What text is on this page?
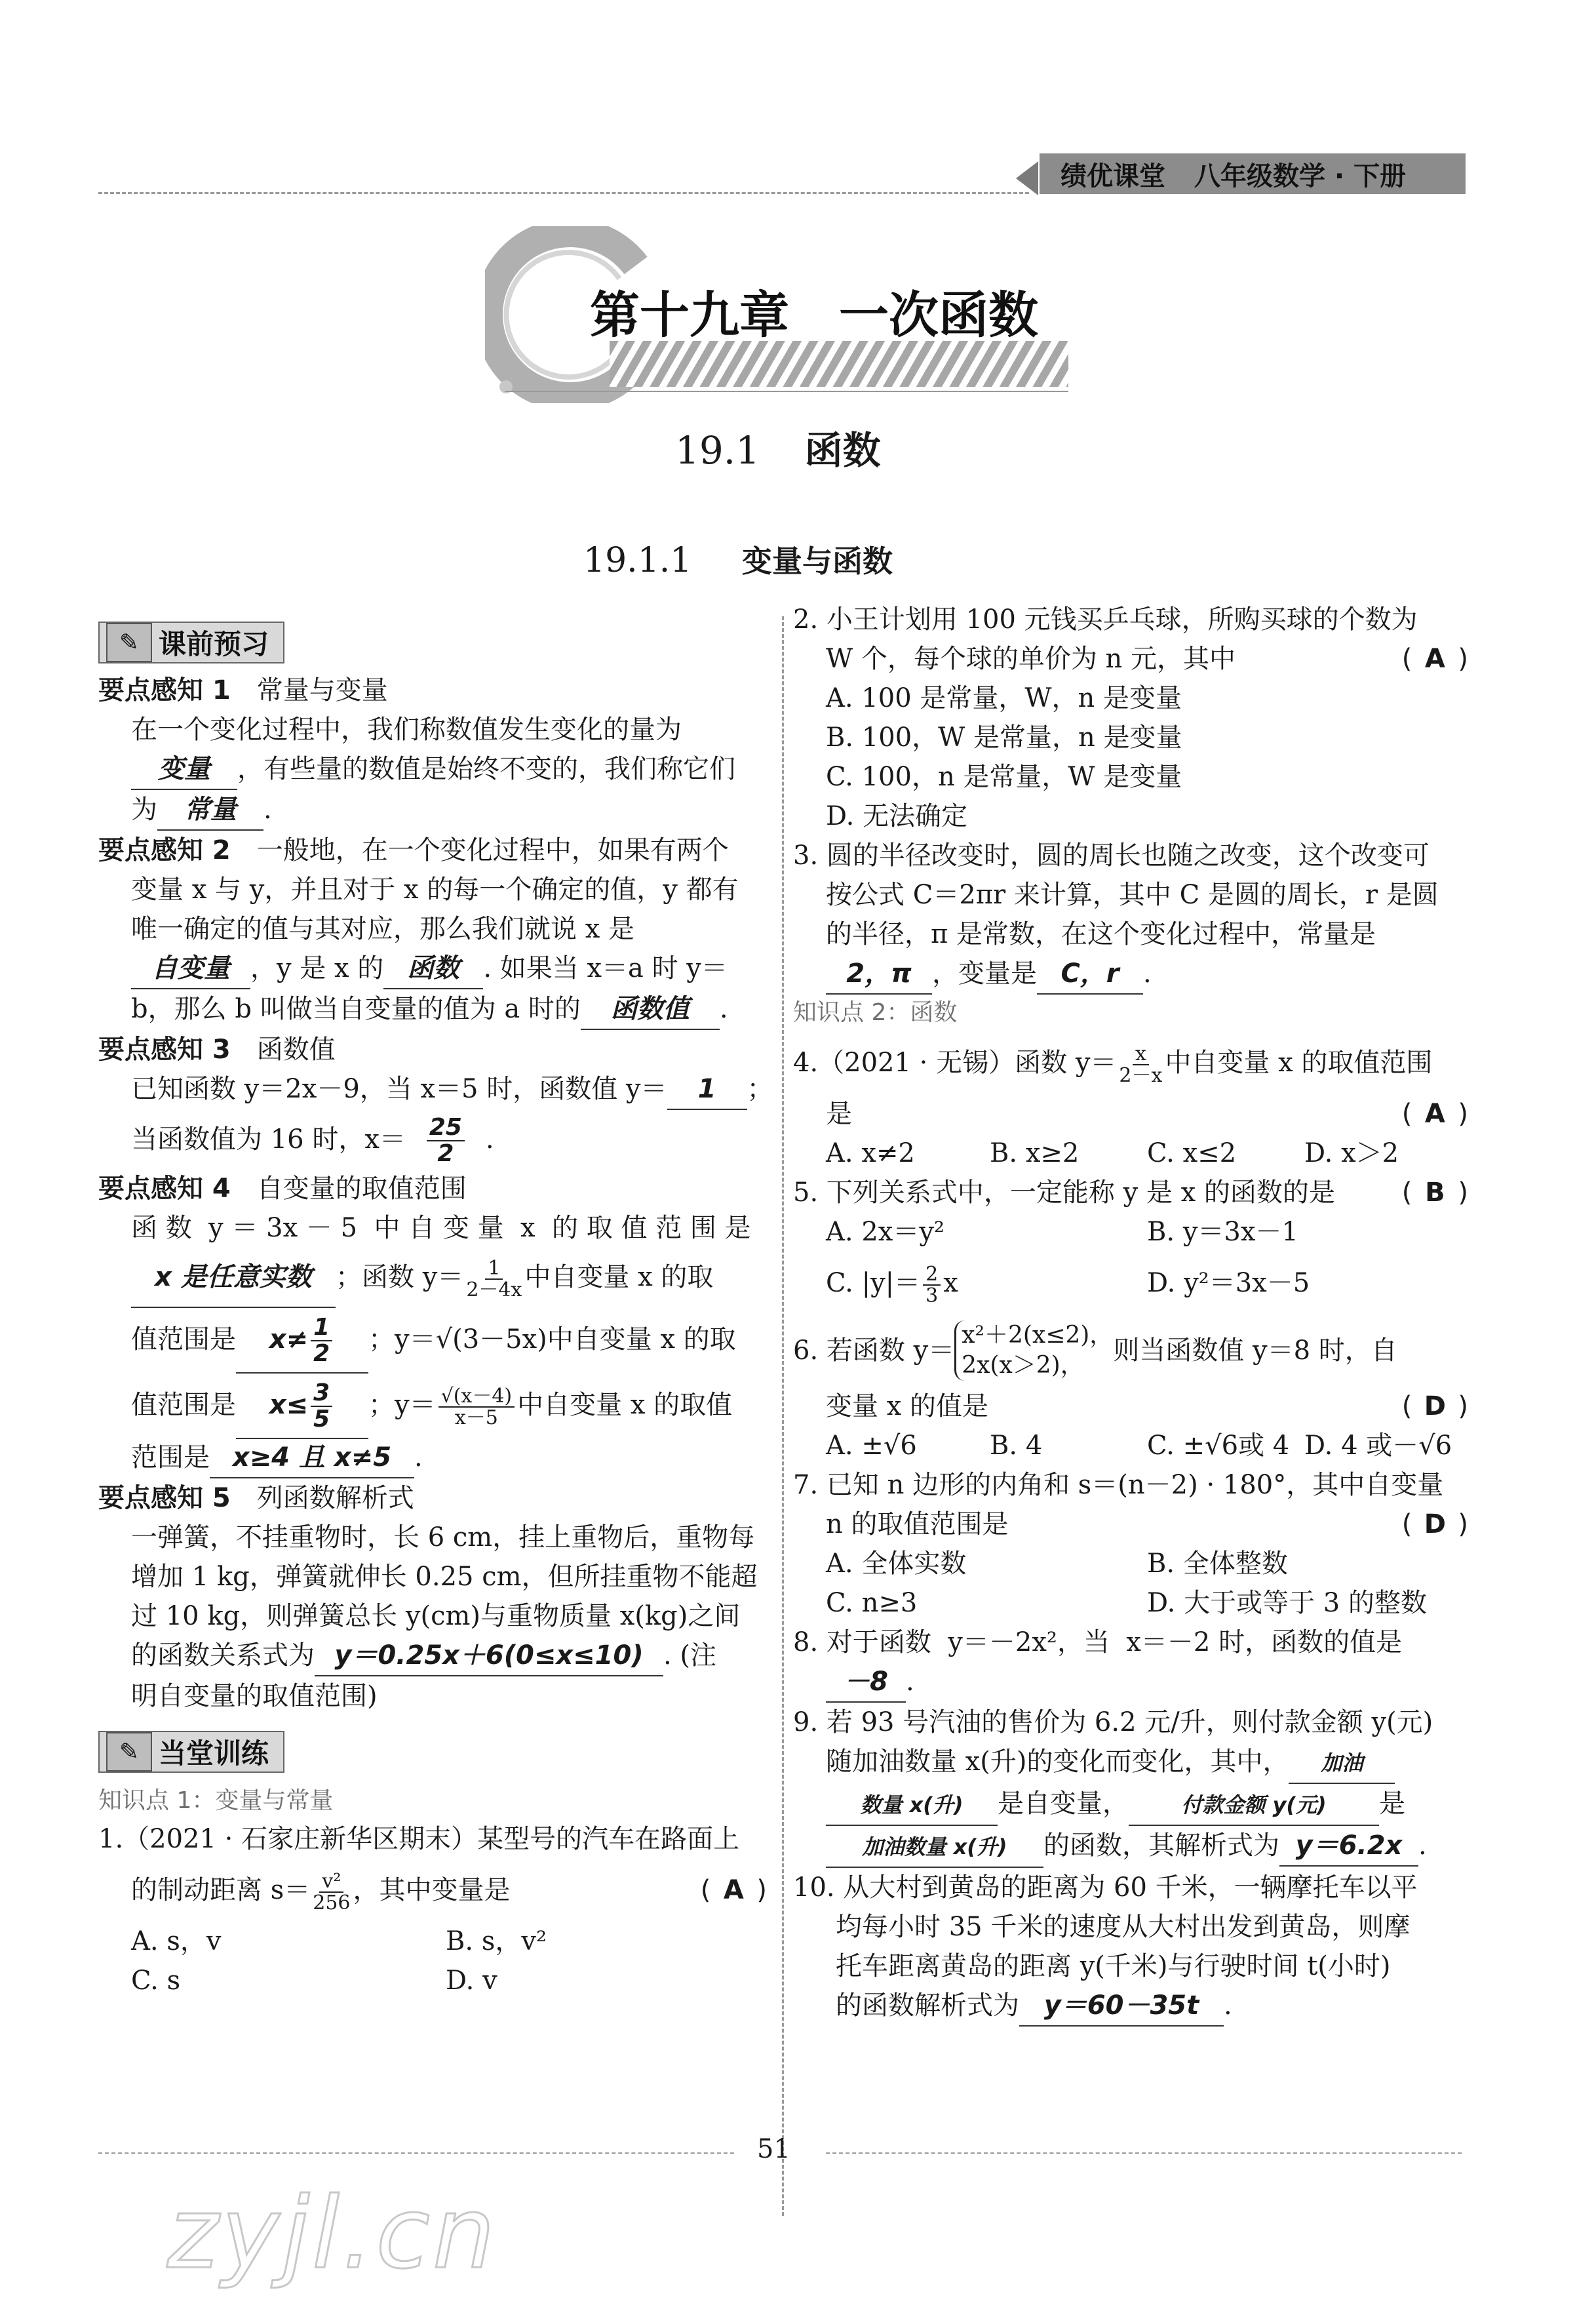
绩优课堂 八年级数学 · 下册
第十九章　一次函数
19.1 函数
19.1.1 变量与函数
✎ 课前预习
要点感知 1　 常量与变量
在一个变化过程中，我们称数值发生变化的量为
变量 ，有些量的数值是始终不变的，我们称它们
为 常量 .
要点感知 2　 一般地，在一个变化过程中，如果有两个
变量 x 与 y，并且对于 x 的每一个确定的值，y 都有
唯一确定的值与其对应，那么我们就说 x 是
自变量 ，y 是 x 的 函数 . 如果当 x＝a 时 y＝
b，那么 b 叫做当自变量的值为 a 时的 函数值 .
要点感知 3　 函数值
已知函数 y＝2x－9，当 x＝5 时，函数值 y＝ 1 ；
当函数值为 16 时，$x= \frac{25}{2}$ .
要点感知 4　 自变量的取值范围
函 数  y ＝ 3x － 5  中 自 变 量  x  的 取 值 范 围 是
x 是任意实数 ；函数 $y= \frac{1}{2-4x}$ 中自变量 x 的取
值范围是 $x\ne \frac{1}{2}$ ；y＝√(3－5x)中自变量 x 的取
值范围是 $x\le \frac{3}{5}$ ；$y= \frac{√(x-4)}{x-5}$ 中自变量 x 的取值
范围是 x≥4 且 x≠5 .
要点感知 5　 列函数解析式
一弹簧，不挂重物时，长 6 cm，挂上重物后，重物每
增加 1 kg，弹簧就伸长 0.25 cm，但所挂重物不能超
过 10 kg，则弹簧总长 y(cm)与重物质量 x(kg)之间
的函数关系式为 y＝0.25x＋6(0≤x≤10) . (注
明自变量的取值范围)
✎ 当堂训练
知识点 1：变量与常量
1.（2021 · 石家庄新华区期末）某型号的汽车在路面上
的制动距离 $s= \frac{\text{v²}}{256}$ ，其中变量是	( A )
A. s，v	B. s，v²
C. s	D. v
2. 小王计划用 100 元钱买乒乓球，所购买球的个数为
W 个，每个球的单价为 n 元，其中	( A )
A. 100 是常量，W，n 是变量
B. 100，W 是常量，n 是变量
C. 100，n 是常量，W 是变量
D. 无法确定
3. 圆的半径改变时，圆的周长也随之改变，这个改变可
按公式 C＝2πr 来计算，其中 C 是圆的周长，r 是圆
的半径，π 是常数，在这个变化过程中，常量是
2，π ，变量是 C，r .
知识点 2：函数
4.（2021 · 无锡）函数 $y= \frac{x}{2-x}$ 中自变量 x 的取值范围
是	( A )
A. x≠2	B. x≥2	C. x≤2	D. x＞2
5. 下列关系式中，一定能称 y 是 x 的函数的是	( B )
A. 2x＝y²	B. y＝3x－1
C. $|y|= \frac{2}{3}$ x	D. y²＝3x－5
6. 若函数 y＝
x²＋2(x≤2)，
2x(x＞2)，	则当函数值 y＝8 时，自
变量 x 的值是	( D )
A. ±√6	B. 4	C. ±√6或 4 D. 4 或－√6
7. 已知 n 边形的内角和 s＝(n－2) · 180°，其中自变量
n 的取值范围是	( D )
A. 全体实数	B. 全体整数
C. n≥3	D. 大于或等于 3 的整数
8. 对于函数  y＝－2x²，当  x＝－2 时，函数的值是
－8 .
9. 若 93 号汽油的售价为 6.2 元/升，则付款金额 y(元)
随加油数量 x(升)的变化而变化，其中， 加油
数量 x(升) 是自变量，	付款金额 y(元) 是
加油数量 x(升) 的函数，其解析式为 y＝6.2x .
10. 从大村到黄岛的距离为 60 千米，一辆摩托车以平
均每小时 35 千米的速度从大村出发到黄岛，则摩
托车距离黄岛的距离 y(千米)与行驶时间 t(小时)
的函数解析式为 y＝60－35t .
51
zyjl.cn
